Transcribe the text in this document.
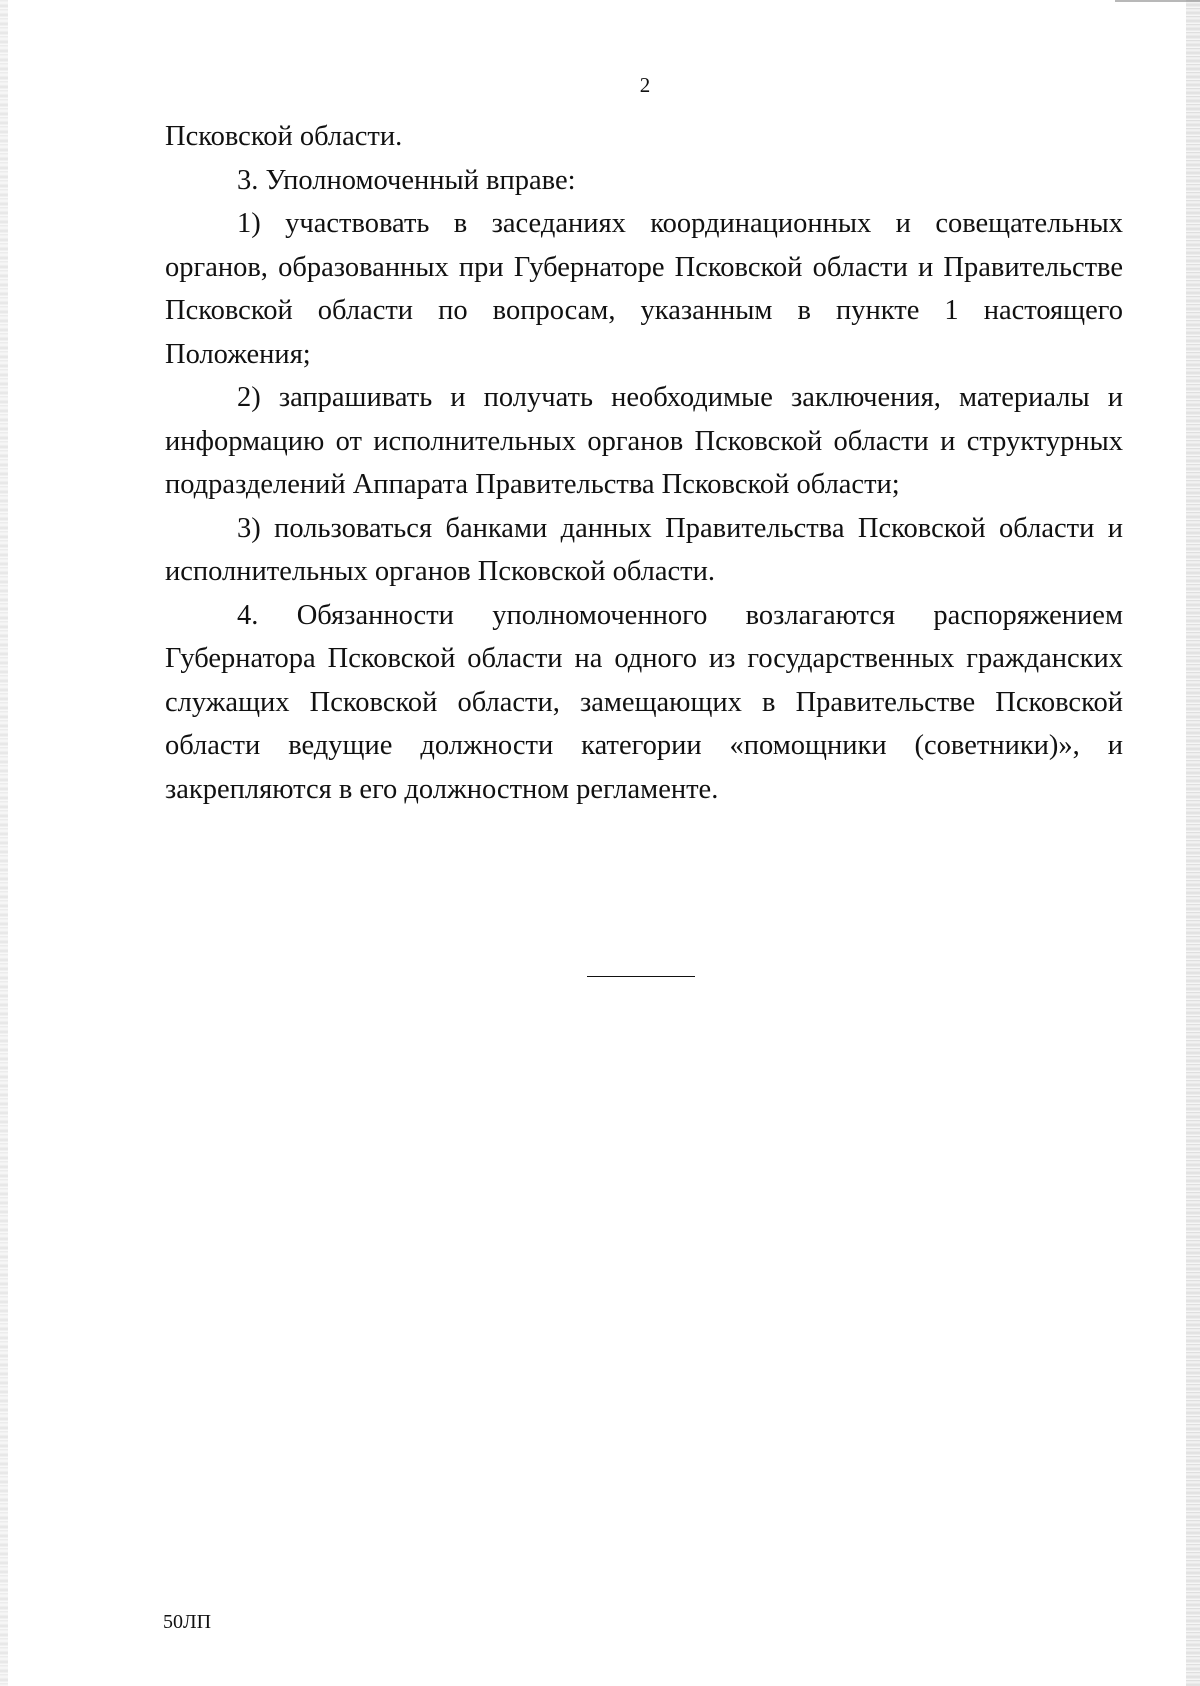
2

Псковской области.

3. Уполномоченный вправе:

1) участвовать в заседаниях координационных и совещательных органов, образованных при Губернаторе Псковской области и Правительстве Псковской области по вопросам, указанным в пункте 1 настоящего Положения;

2) запрашивать и получать необходимые заключения, материалы и информацию от исполнительных органов Псковской области и структурных подразделений Аппарата Правительства Псковской области;

3) пользоваться банками данных Правительства Псковской области и исполнительных органов Псковской области.

4. Обязанности уполномоченного возлагаются распоряжением Губернатора Псковской области на одного из государственных гражданских служащих Псковской области, замещающих в Правительстве Псковской области ведущие должности категории «помощники (советники)», и закрепляются в его должностном регламенте.

50ЛП
